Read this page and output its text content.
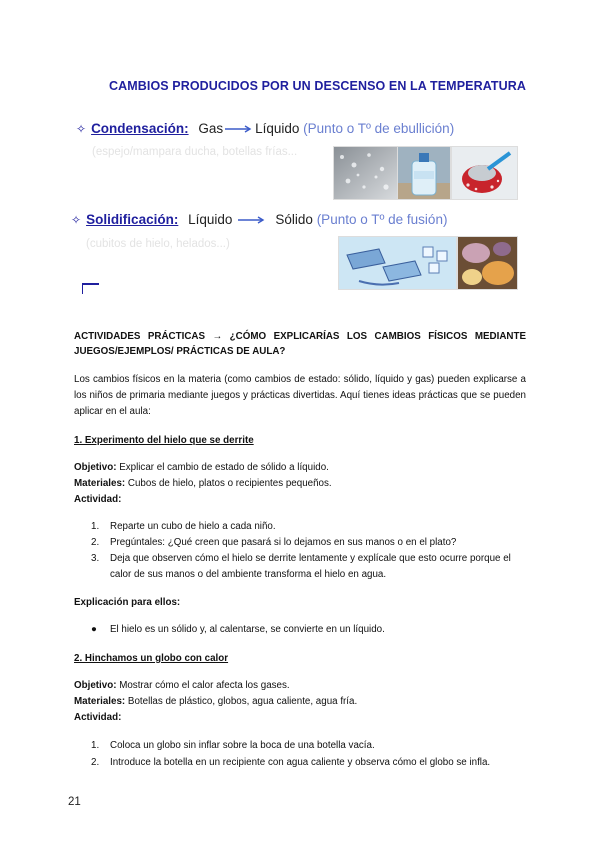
CAMBIOS PRODUCIDOS POR UN DESCENSO EN LA TEMPERATURA
✧ Condensación: Gas Líquido (Punto o Tº de ebullición)
(espejo/mampara ducha, botellas frías...
✧ Solidificación: Líquido	Sólido (Punto o Tº de fusión)
(cubitos de hielo, helados...)
ACTIVIDADES PRÁCTICAS → ¿CÓMO EXPLICARÍAS LOS CAMBIOS FÍSICOS MEDIANTE JUEGOS/EJEMPLOS/ PRÁCTICAS DE AULA?
Los cambios físicos en la materia (como cambios de estado: sólido, líquido y gas) pueden explicarse a los niños de primaria mediante juegos y prácticas divertidas. Aquí tienes ideas prácticas que se pueden aplicar en el aula:
1. Experimento del hielo que se derrite
Objetivo: Explicar el cambio de estado de sólido a líquido.
Materiales: Cubos de hielo, platos o recipientes pequeños.
Actividad:
1. Reparte un cubo de hielo a cada niño.
2. Pregúntales: ¿Qué creen que pasará si lo dejamos en sus manos o en el plato?
3. Deja que observen cómo el hielo se derrite lentamente y explícale que esto ocurre porque el calor de sus manos o del ambiente transforma el hielo en agua.
Explicación para ellos:
● El hielo es un sólido y, al calentarse, se convierte en un líquido.
2. Hinchamos un globo con calor
Objetivo: Mostrar cómo el calor afecta los gases.
Materiales: Botellas de plástico, globos, agua caliente, agua fría.
Actividad:
1. Coloca un globo sin inflar sobre la boca de una botella vacía.
2. Introduce la botella en un recipiente con agua caliente y observa cómo el globo se infla.
21
